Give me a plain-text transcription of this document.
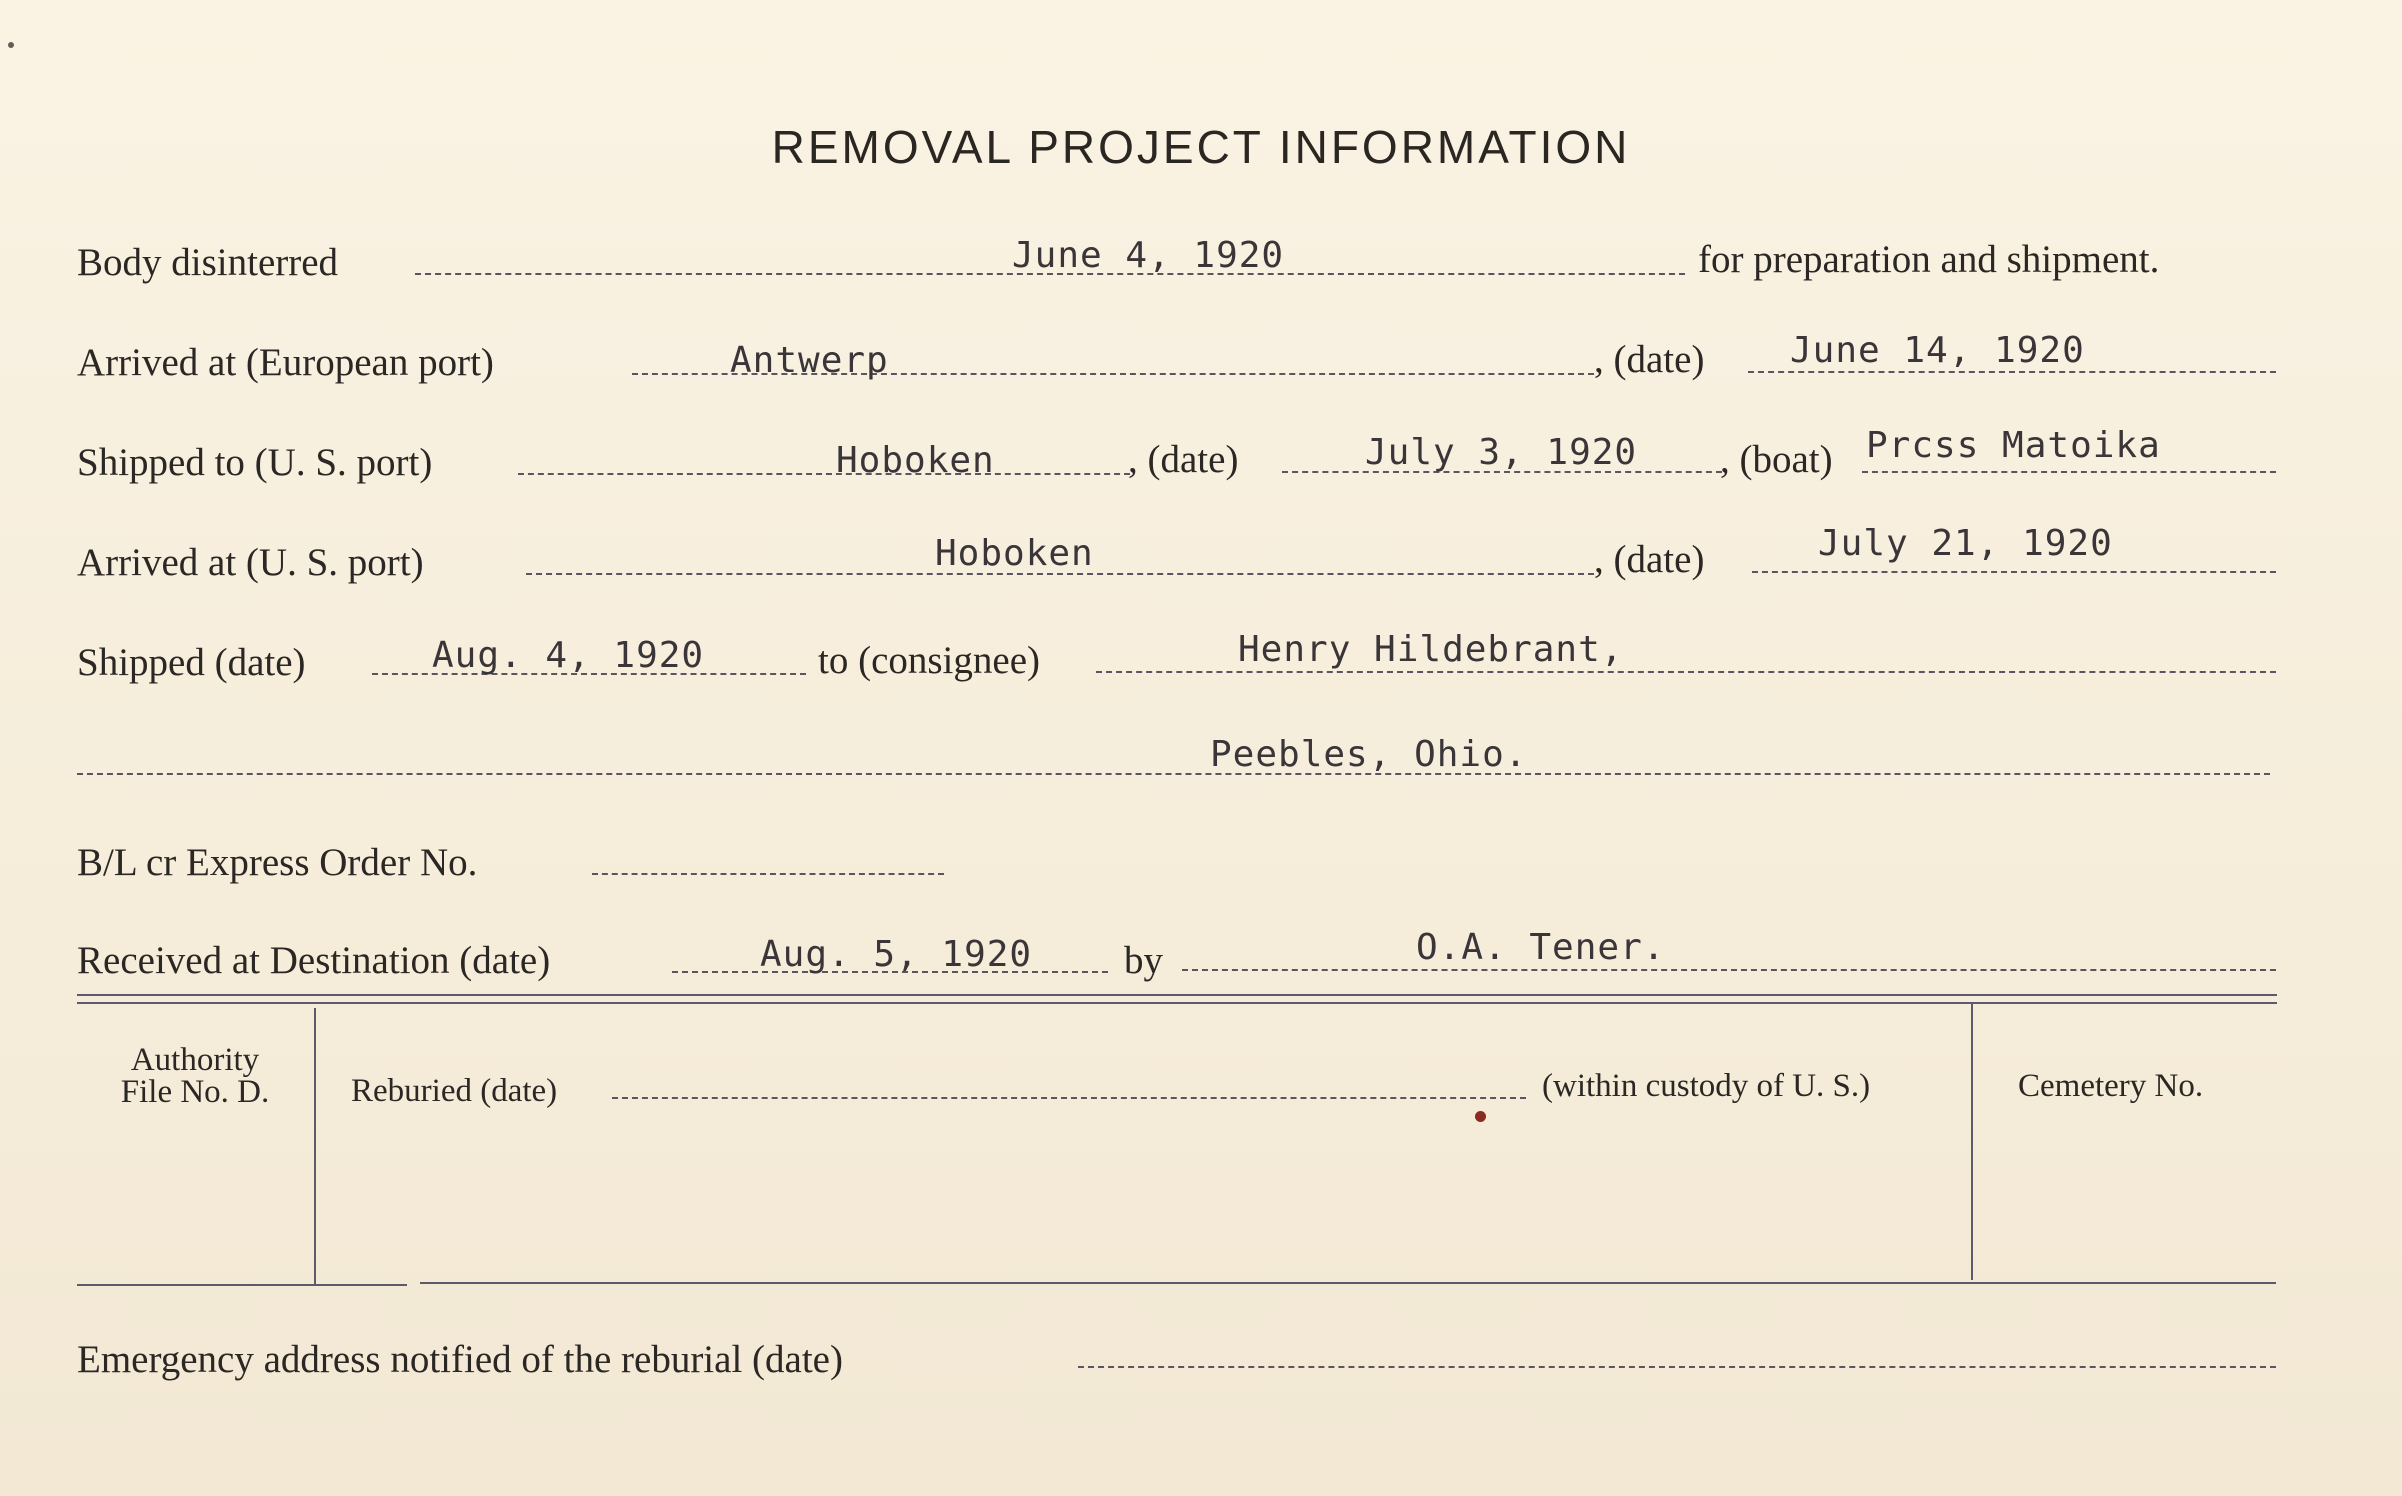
REMOVAL PROJECT INFORMATION
Body disinterred	June 4, 1920	for preparation and shipment.
Arrived at (European port)	Antwerp	, (date) June 14, 1920
Shipped to (U. S. port)	Hoboken	, (date)	July 3, 1920 , (boat) Prcss Matoika
Arrived at (U. S. port)	Hoboken	, (date)	July 21, 1920
Shipped (date)	Aug. 4, 1920	to (consignee)	Henry Hildebrant,
Peebles, Ohio.
B/L cr Express Order No.
Received at Destination (date)	Aug. 5, 1920 by	O.A. Tener.
Authority
File No. D.	Reburied (date)	(within custody of U. S.)	Cemetery No.
Emergency address notified of the reburial (date)
